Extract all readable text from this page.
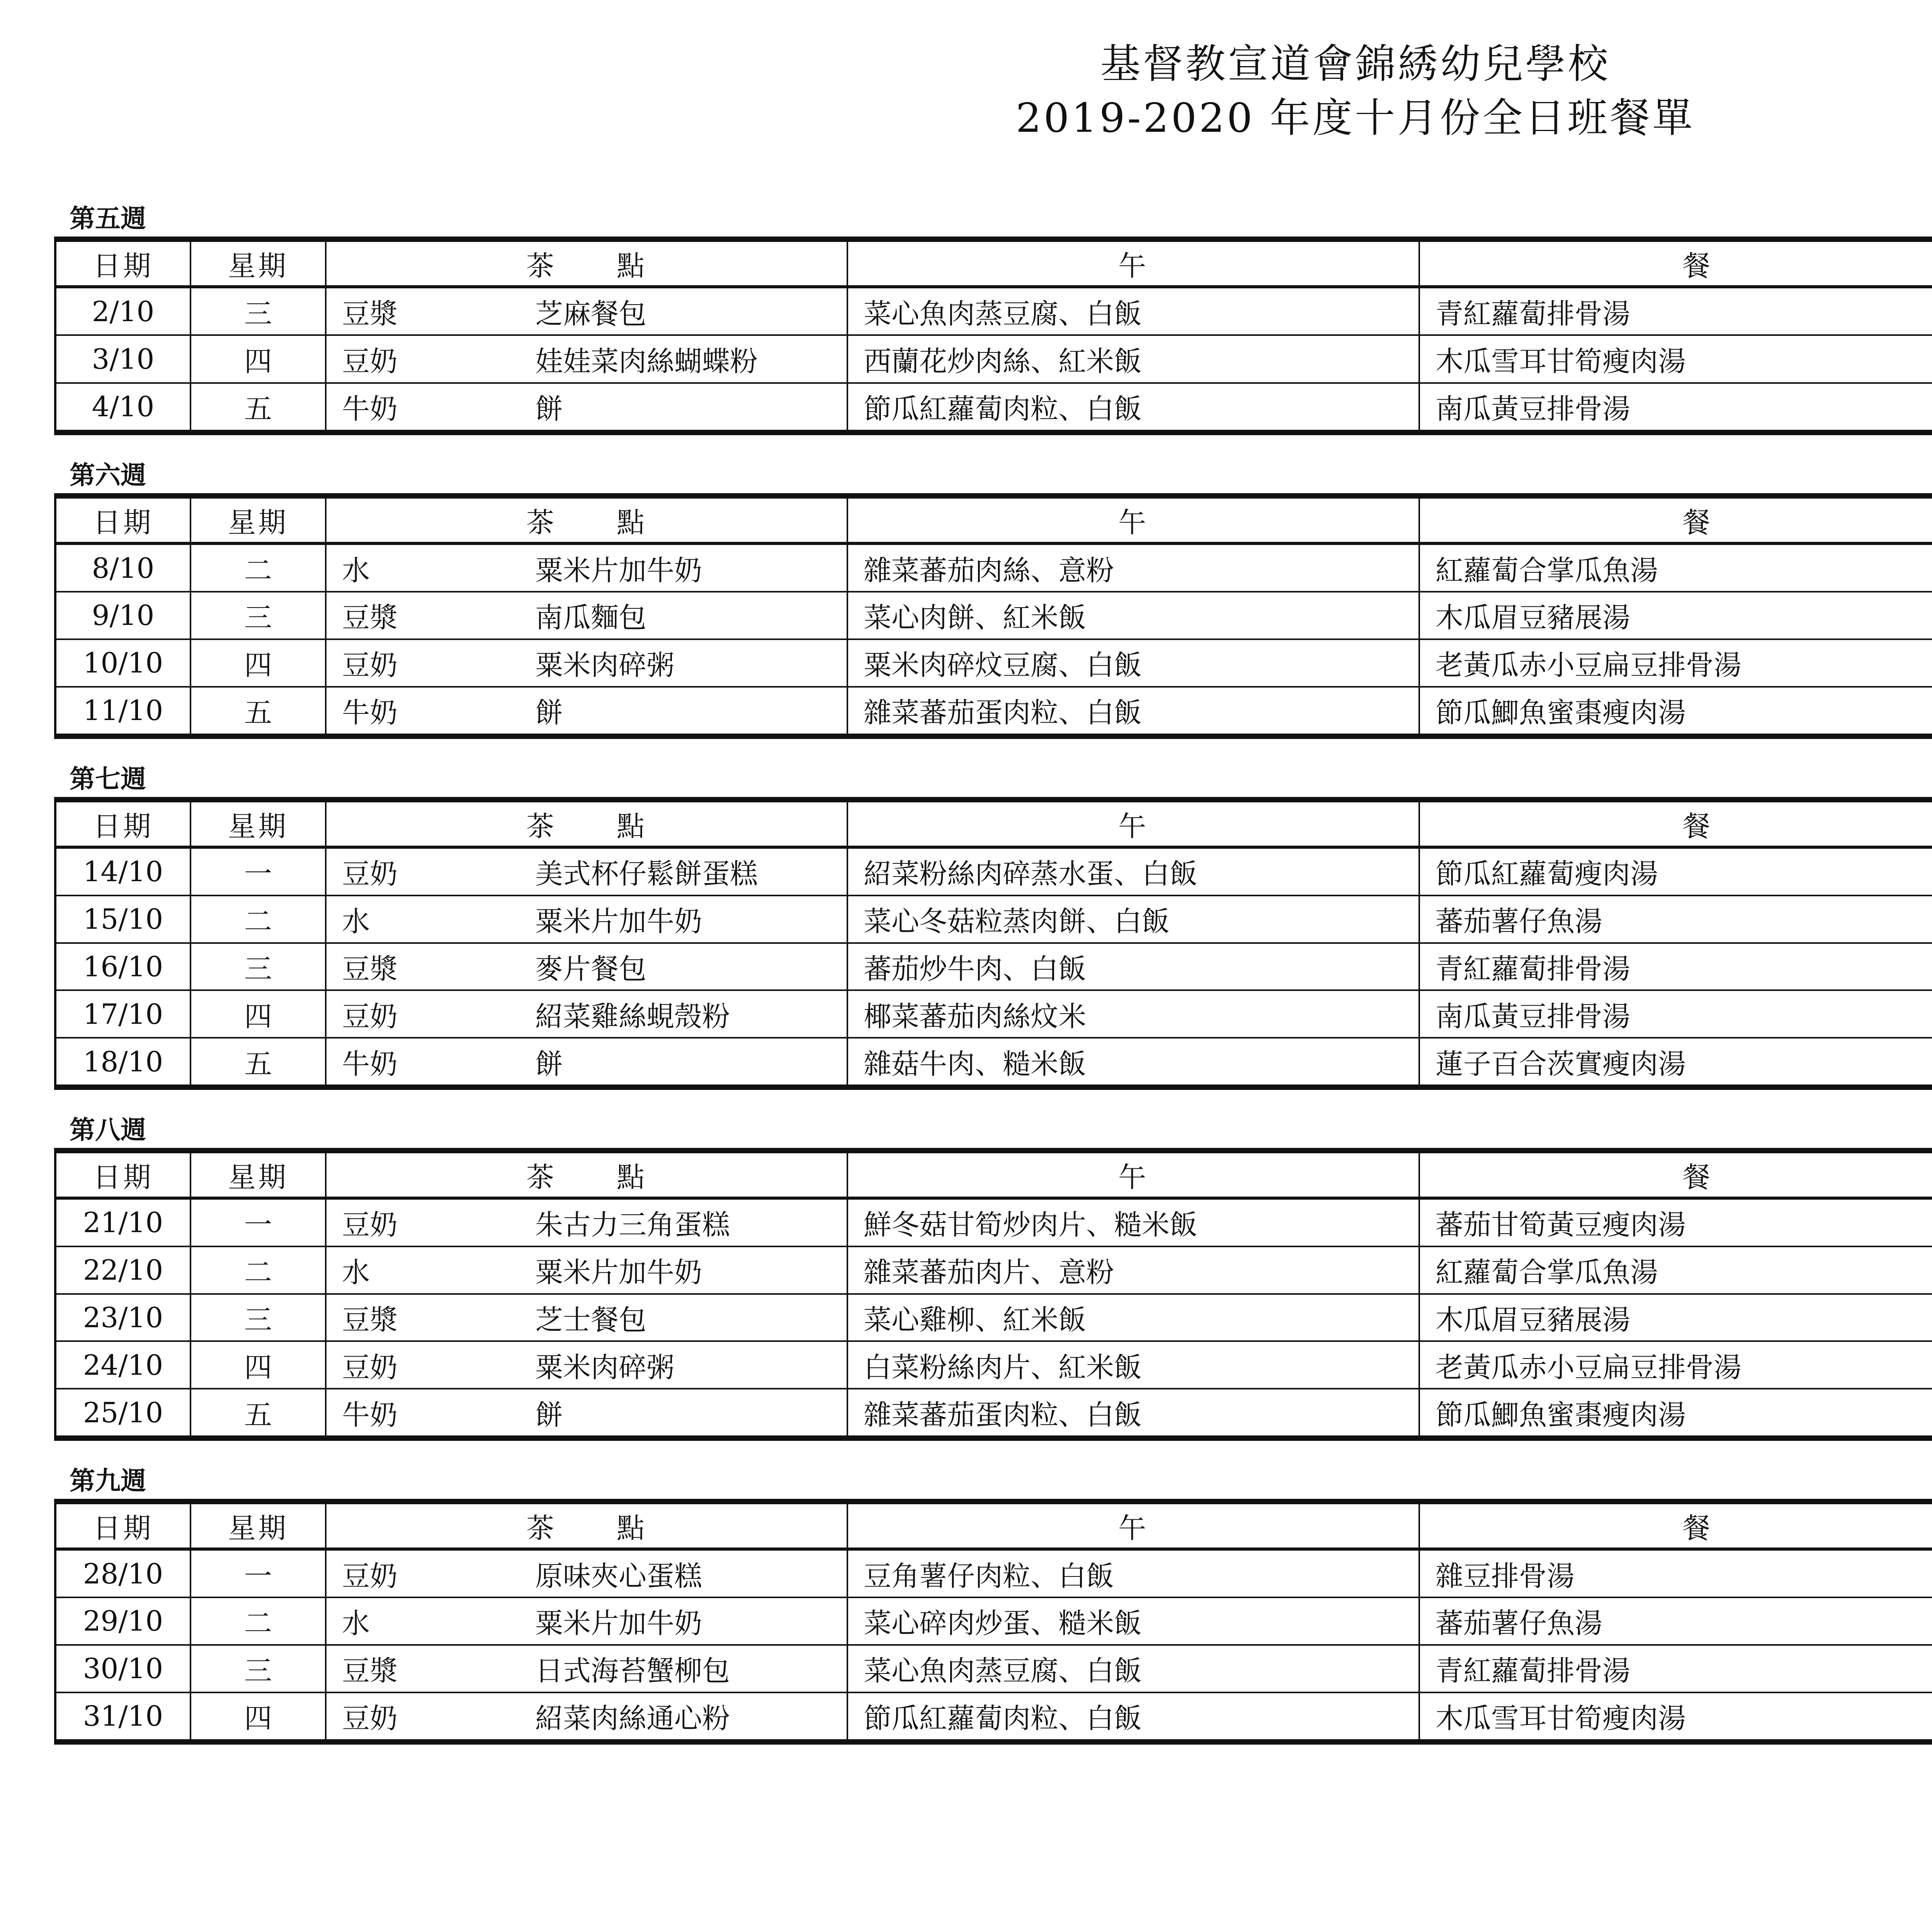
基督教宣道會錦綉幼兒學校
2019-2020 年度十月份全日班餐單
第五週
日期	星期	茶　　點	午	餐		
2/10	三	豆漿 芝麻餐包	菜心魚肉蒸豆腐、白飯	青紅蘿蔔排骨湯	

3/10	四	豆奶 娃娃菜肉絲蝴蝶粉	西蘭花炒肉絲、紅米飯	木瓜雪耳甘筍瘦肉湯	
4/10	五	牛奶 餅	節瓜紅蘿蔔肉粒、白飯	南瓜黃豆排骨湯	
第六週
日期	星期	茶　　點	午	餐		
8/10	二	水 粟米片加牛奶	雜菜蕃茄肉絲、意粉	紅蘿蔔合掌瓜魚湯	

9/10	三	豆漿 南瓜麵包	菜心肉餅、紅米飯	木瓜眉豆豬展湯	
10/10	四	豆奶 粟米肉碎粥	粟米肉碎炆豆腐、白飯	老黃瓜赤小豆扁豆排骨湯	
11/10	五	牛奶 餅	雜菜蕃茄蛋肉粒、白飯	節瓜鯽魚蜜棗瘦肉湯	
第七週
日期	星期	茶　　點	午	餐		
14/10	一	豆奶 美式杯仔鬆餅蛋糕	紹菜粉絲肉碎蒸水蛋、白飯	節瓜紅蘿蔔瘦肉湯	

15/10	二	水 粟米片加牛奶	菜心冬菇粒蒸肉餅、白飯	蕃茄薯仔魚湯	
16/10	三	豆漿 麥片餐包	蕃茄炒牛肉、白飯	青紅蘿蔔排骨湯	
17/10	四	豆奶 紹菜雞絲蜆殼粉	椰菜蕃茄肉絲炆米	南瓜黃豆排骨湯	
18/10	五	牛奶 餅	雜菇牛肉、糙米飯	蓮子百合茨實瘦肉湯	
第八週
日期	星期	茶　　點	午	餐		
21/10	一	豆奶 朱古力三角蛋糕	鮮冬菇甘筍炒肉片、糙米飯	蕃茄甘筍黃豆瘦肉湯	

22/10	二	水 粟米片加牛奶	雜菜蕃茄肉片、意粉	紅蘿蔔合掌瓜魚湯	
23/10	三	豆漿 芝士餐包	菜心雞柳、紅米飯	木瓜眉豆豬展湯	
24/10	四	豆奶 粟米肉碎粥	白菜粉絲肉片、紅米飯	老黃瓜赤小豆扁豆排骨湯	
25/10	五	牛奶 餅	雜菜蕃茄蛋肉粒、白飯	節瓜鯽魚蜜棗瘦肉湯	
第九週
日期	星期	茶　　點	午	餐		
28/10	一	豆奶 原味夾心蛋糕	豆角薯仔肉粒、白飯	雜豆排骨湯	

29/10	二	水 粟米片加牛奶	菜心碎肉炒蛋、糙米飯	蕃茄薯仔魚湯	
30/10	三	豆漿 日式海苔蟹柳包	菜心魚肉蒸豆腐、白飯	青紅蘿蔔排骨湯	
31/10	四	豆奶 紹菜肉絲通心粉	節瓜紅蘿蔔肉粒、白飯	木瓜雪耳甘筍瘦肉湯	
